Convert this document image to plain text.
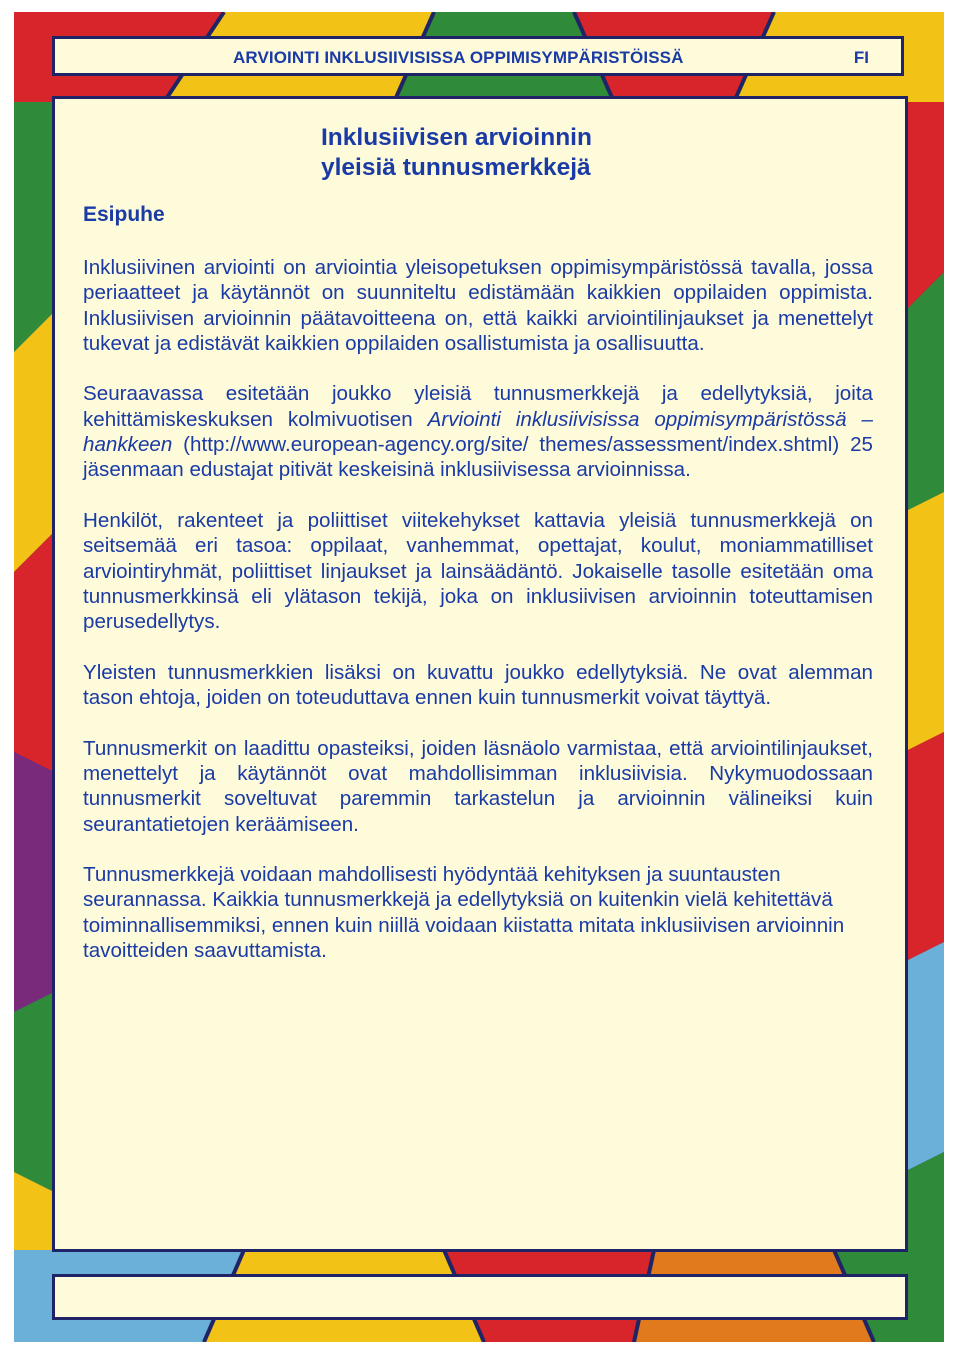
ARVIOINTI INKLUSIIVISISSA OPPIMISYMPÄRISTÖISSÄ	FI
Inklusiivisen arvioinnin
yleisiä tunnusmerkkejä
Esipuhe

Inklusiivinen arviointi on arviointia yleisopetuksen oppimisympäristössä tavalla, jossa periaatteet ja käytännöt on suunniteltu edistämään kaikkien oppilaiden oppimista. Inklusiivisen arvioinnin päätavoitteena on, että kaikki arviointilinjaukset ja menettelyt tukevat ja edistävät kaikkien oppilaiden osallistumista ja osallisuutta.

Seuraavassa esitetään joukko yleisiä tunnusmerkkejä ja edellytyksiä, joita kehittämiskeskuksen kolmivuotisen Arviointi inklusiivisissa oppimisympäristössä –hankkeen (http://www.european-agency.org/site/ themes/assessment/index.shtml) 25 jäsenmaan edustajat pitivät keskeisinä inklusiivisessa arvioinnissa.

Henkilöt, rakenteet ja poliittiset viitekehykset kattavia yleisiä tunnusmerkkejä on seitsemää eri tasoa: oppilaat, vanhemmat, opettajat, koulut, moniammatilliset arviointiryhmät, poliittiset linjaukset ja lainsäädäntö. Jokaiselle tasolle esitetään oma tunnusmerkkinsä eli ylätason tekijä, joka on inklusiivisen arvioinnin toteuttamisen perusedellytys.

Yleisten tunnusmerkkien lisäksi on kuvattu joukko edellytyksiä. Ne ovat alemman tason ehtoja, joiden on toteuduttava ennen kuin tunnusmerkit voivat täyttyä.

Tunnusmerkit on laadittu opasteiksi, joiden läsnäolo varmistaa, että arviointilinjaukset, menettelyt ja käytännöt ovat mahdollisimman inklusiivisia. Nykymuodossaan tunnusmerkit soveltuvat paremmin tarkastelun ja arvioinnin välineiksi kuin seurantatietojen keräämiseen.

Tunnusmerkkejä voidaan mahdollisesti hyödyntää kehityksen ja suuntausten seurannassa. Kaikkia tunnusmerkkejä ja edellytyksiä on kuitenkin vielä kehitettävä toiminnallisemmiksi, ennen kuin niillä voidaan kiistatta mitata inklusiivisen arvioinnin tavoitteiden saavuttamista.
